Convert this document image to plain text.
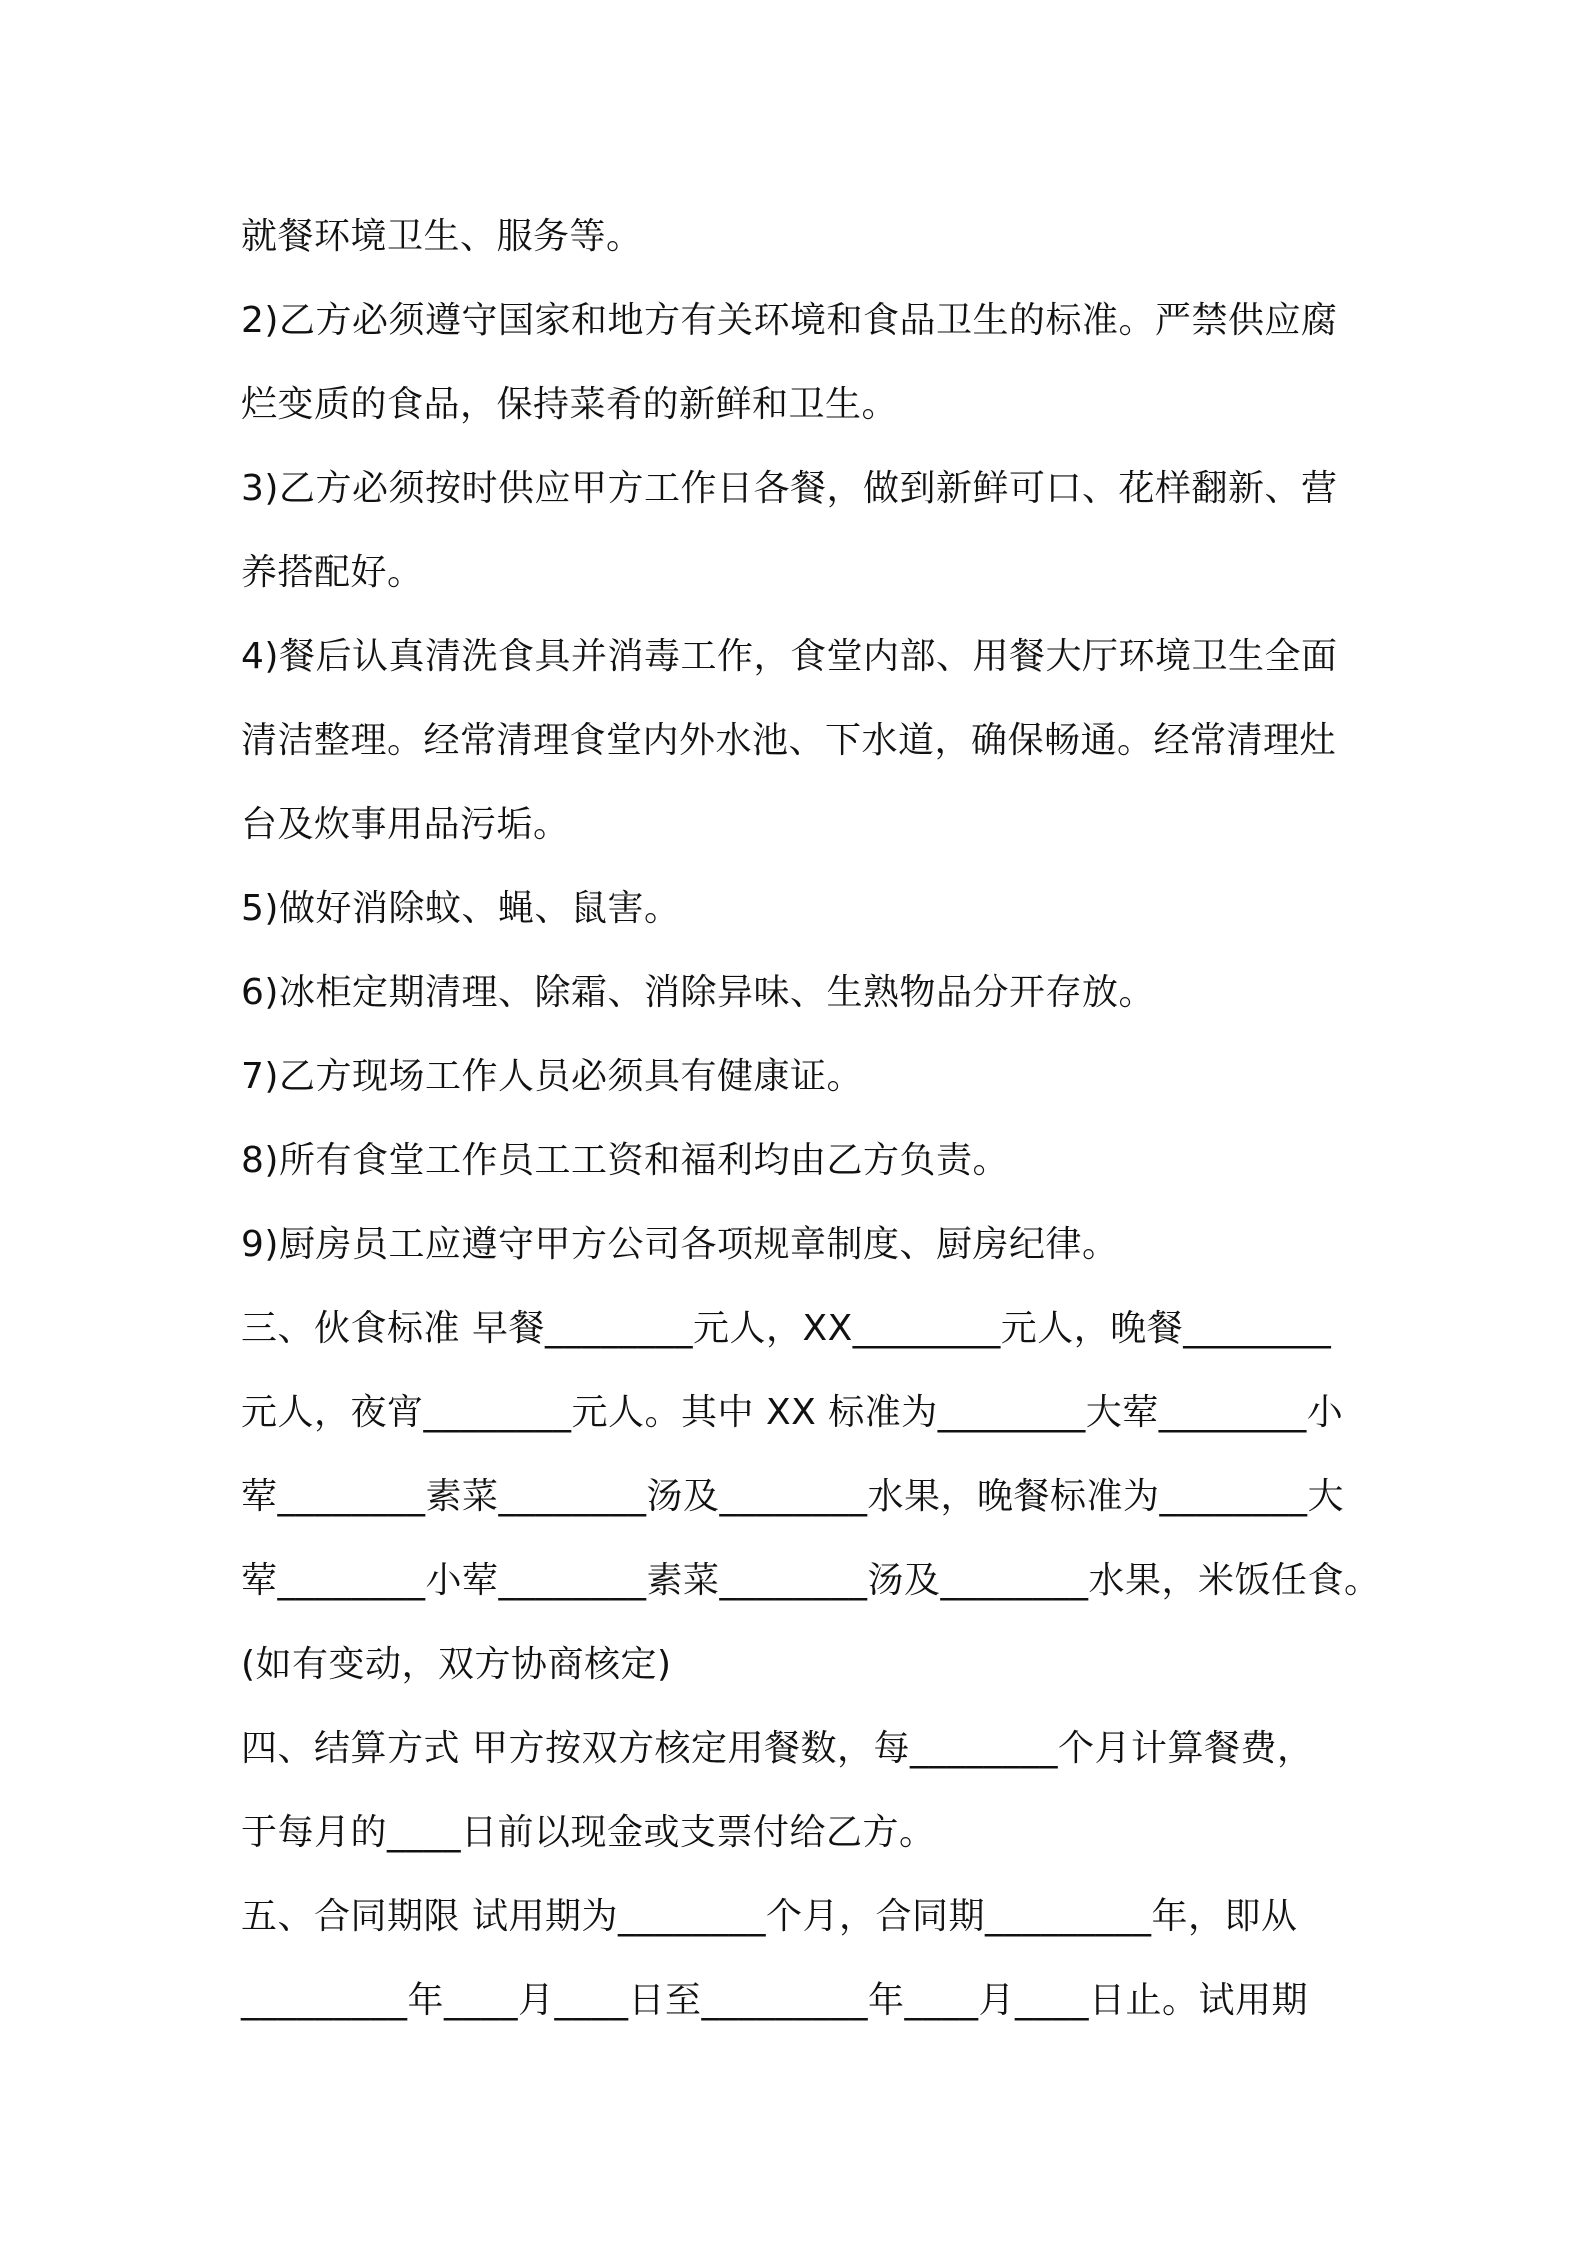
就餐环境卫生、服务等。
2)乙方必须遵守国家和地方有关环境和食品卫生的标准。严禁供应腐
烂变质的食品，保持菜肴的新鲜和卫生。
3)乙方必须按时供应甲方工作日各餐，做到新鲜可口、花样翻新、营
养搭配好。
4)餐后认真清洗食具并消毒工作，食堂内部、用餐大厅环境卫生全面
清洁整理。经常清理食堂内外水池、下水道，确保畅通。经常清理灶
台及炊事用品污垢。
5)做好消除蚊、蝇、鼠害。
6)冰柜定期清理、除霜、消除异味、生熟物品分开存放。
7)乙方现场工作人员必须具有健康证。
8)所有食堂工作员工工资和福利均由乙方负责。
9)厨房员工应遵守甲方公司各项规章制度、厨房纪律。
三、伙食标准 早餐________元人，XX________元人，晚餐________
元人，夜宵________元人。其中 XX 标准为________大荤________小
荤________素菜________汤及________水果，晚餐标准为________大
荤________小荤________素菜________汤及________水果，米饭任食。
(如有变动，双方协商核定)
四、结算方式 甲方按双方核定用餐数，每________个月计算餐费，
于每月的____日前以现金或支票付给乙方。
五、合同期限 试用期为________个月，合同期_________年，即从
_________年____月____日至_________年____月____日止。试用期
